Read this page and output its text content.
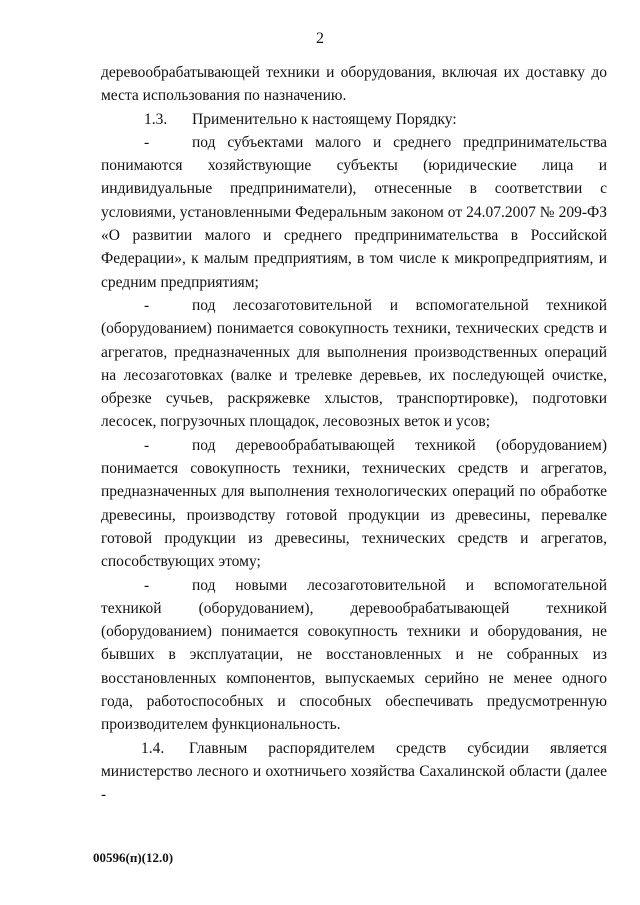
2

деревообрабатывающей техники и оборудования, включая их доставку до места использования по назначению.

1.3. Применительно к настоящему Порядку:

-	под субъектами малого и среднего предпринимательства понимаются хозяйствующие субъекты (юридические лица и индивидуальные предприниматели), отнесенные в соответствии с условиями, установленными Федеральным законом от 24.07.2007 № 209-ФЗ «О развитии малого и среднего предпринимательства в Российской Федерации», к малым предприятиям, в том числе к микропредприятиям, и средним предприятиям;

-	под лесозаготовительной и вспомогательной техникой (оборудованием) понимается совокупность техники, технических средств и агрегатов, предназначенных для выполнения производственных операций на лесозаготовках (валке и трелевке деревьев, их последующей очистке, обрезке сучьев, раскряжевке хлыстов, транспортировке), подготовки лесосек, погрузочных площадок, лесовозных веток и усов;

-	под деревообрабатывающей техникой (оборудованием) понимается совокупность техники, технических средств и агрегатов, предназначенных для выполнения технологических операций по обработке древесины, производству готовой продукции из древесины, перевалке готовой продукции из древесины, технических средств и агрегатов, способствующих этому;

-	под новыми лесозаготовительной и вспомогательной техникой (оборудованием), деревообрабатывающей техникой (оборудованием) понимается совокупность техники и оборудования, не бывших в эксплуатации, не восстановленных и не собранных из восстановленных компонентов, выпускаемых серийно не менее одного года, работоспособных и способных обеспечивать предусмотренную производителем функциональность.

1.4. Главным распорядителем средств субсидии является министерство лесного и охотничьего хозяйства Сахалинской области (далее -

00596(п)(12.0)
